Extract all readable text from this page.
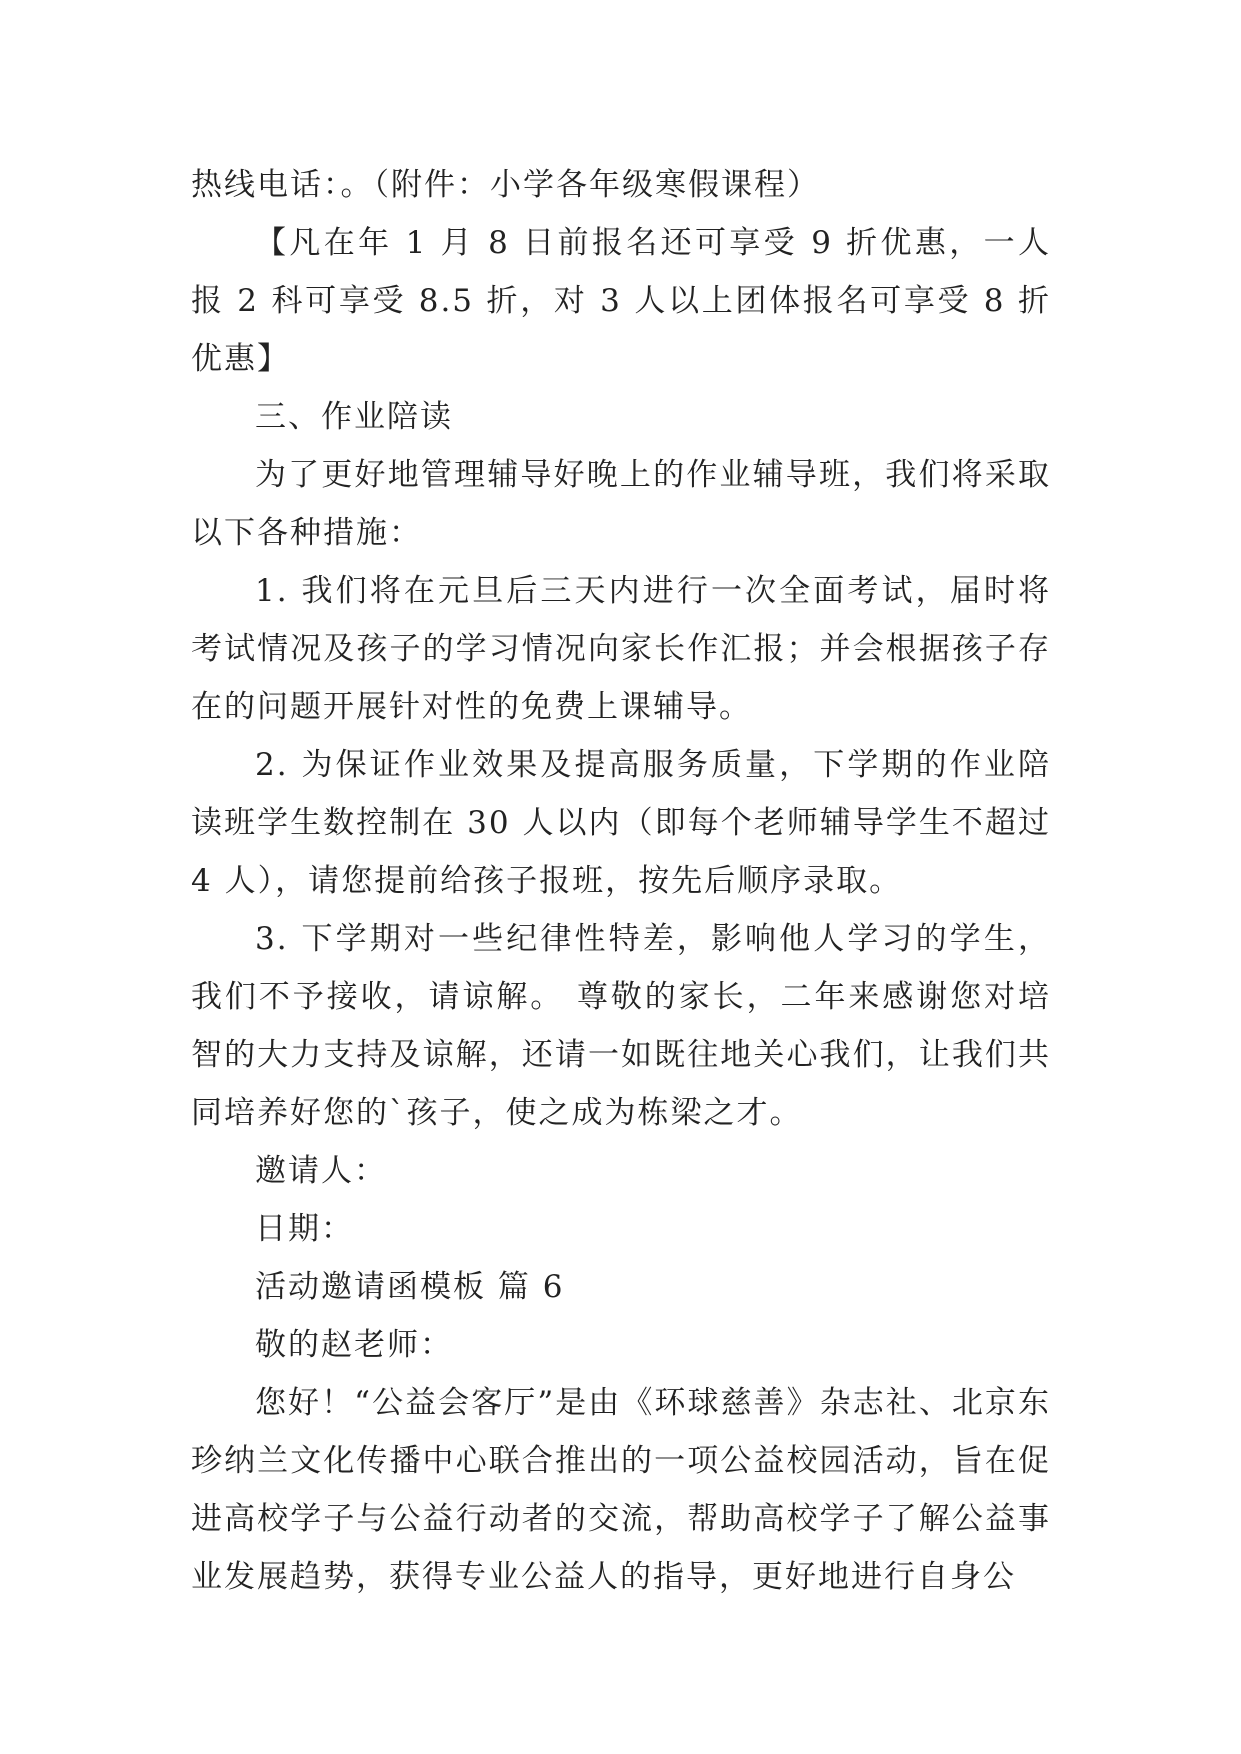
热线电话：。（附件：小学各年级寒假课程）

【凡在年 1 月 8 日前报名还可享受 9 折优惠，一人报 2 科可享受 8.5 折，对 3 人以上团体报名可享受 8 折优惠】

三、作业陪读

为了更好地管理辅导好晚上的作业辅导班，我们将采取以下各种措施：

1. 我们将在元旦后三天内进行一次全面考试，届时将考试情况及孩子的学习情况向家长作汇报；并会根据孩子存在的问题开展针对性的免费上课辅导。

2. 为保证作业效果及提高服务质量，下学期的作业陪读班学生数控制在 30 人以内（即每个老师辅导学生不超过 4 人），请您提前给孩子报班，按先后顺序录取。

3. 下学期对一些纪律性特差，影响他人学习的学生，我们不予接收，请谅解。 尊敬的家长，二年来感谢您对培智的大力支持及谅解，还请一如既往地关心我们，让我们共同培养好您的`孩子，使之成为栋梁之才。

邀请人：

日期：

活动邀请函模板 篇 6

敬的赵老师：

您好！“公益会客厅”是由《环球慈善》杂志社、北京东珍纳兰文化传播中心联合推出的一项公益校园活动，旨在促进高校学子与公益行动者的交流，帮助高校学子了解公益事业发展趋势，获得专业公益人的指导，更好地进行自身公
